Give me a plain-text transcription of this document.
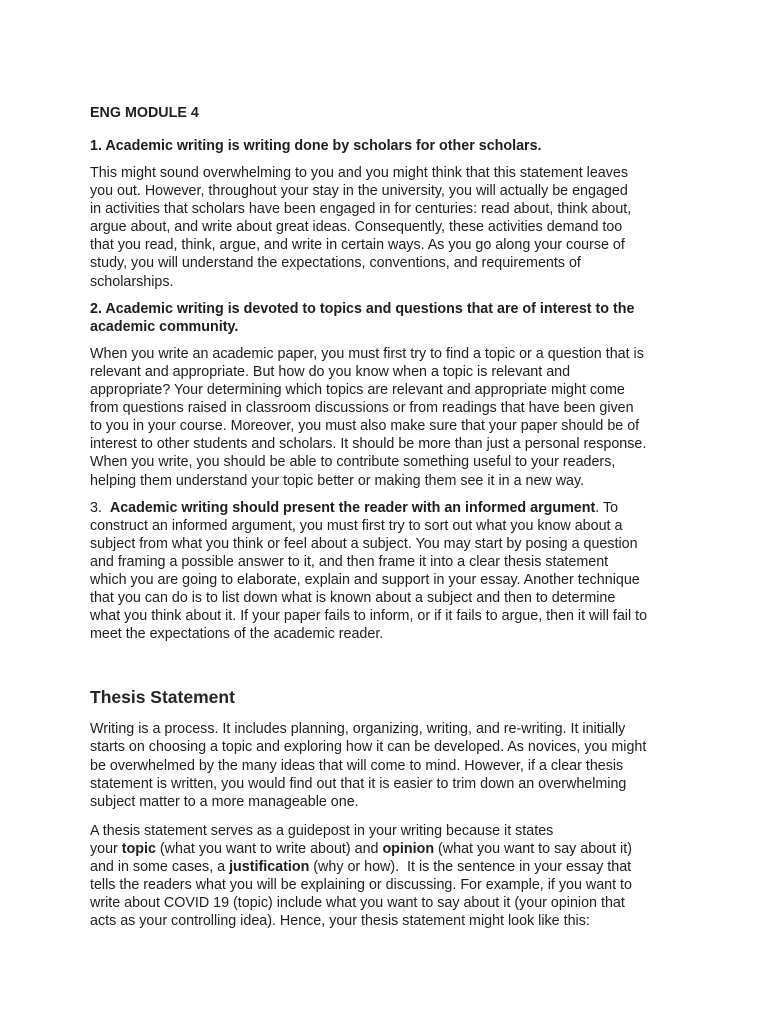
ENG MODULE 4

1. Academic writing is writing done by scholars for other scholars.

This might sound overwhelming to you and you might think that this statement leaves
you out. However, throughout your stay in the university, you will actually be engaged
in activities that scholars have been engaged in for centuries: read about, think about,
argue about, and write about great ideas. Consequently, these activities demand too
that you read, think, argue, and write in certain ways. As you go along your course of
study, you will understand the expectations, conventions, and requirements of
scholarships.

2. Academic writing is devoted to topics and questions that are of interest to the
academic community.

When you write an academic paper, you must first try to find a topic or a question that is
relevant and appropriate. But how do you know when a topic is relevant and
appropriate? Your determining which topics are relevant and appropriate might come
from questions raised in classroom discussions or from readings that have been given
to you in your course. Moreover, you must also make sure that your paper should be of
interest to other students and scholars. It should be more than just a personal response.
When you write, you should be able to contribute something useful to your readers,
helping them understand your topic better or making them see it in a new way.

3.  Academic writing should present the reader with an informed argument. To
construct an informed argument, you must first try to sort out what you know about a
subject from what you think or feel about a subject. You may start by posing a question
and framing a possible answer to it, and then frame it into a clear thesis statement
which you are going to elaborate, explain and support in your essay. Another technique
that you can do is to list down what is known about a subject and then to determine
what you think about it. If your paper fails to inform, or if it fails to argue, then it will fail to
meet the expectations of the academic reader.

Thesis Statement

Writing is a process. It includes planning, organizing, writing, and re-writing. It initially
starts on choosing a topic and exploring how it can be developed. As novices, you might
be overwhelmed by the many ideas that will come to mind. However, if a clear thesis
statement is written, you would find out that it is easier to trim down an overwhelming
subject matter to a more manageable one.

A thesis statement serves as a guidepost in your writing because it states
your topic (what you want to write about) and opinion (what you want to say about it)
and in some cases, a justification (why or how).  It is the sentence in your essay that
tells the readers what you will be explaining or discussing. For example, if you want to
write about COVID 19 (topic) include what you want to say about it (your opinion that
acts as your controlling idea). Hence, your thesis statement might look like this:
